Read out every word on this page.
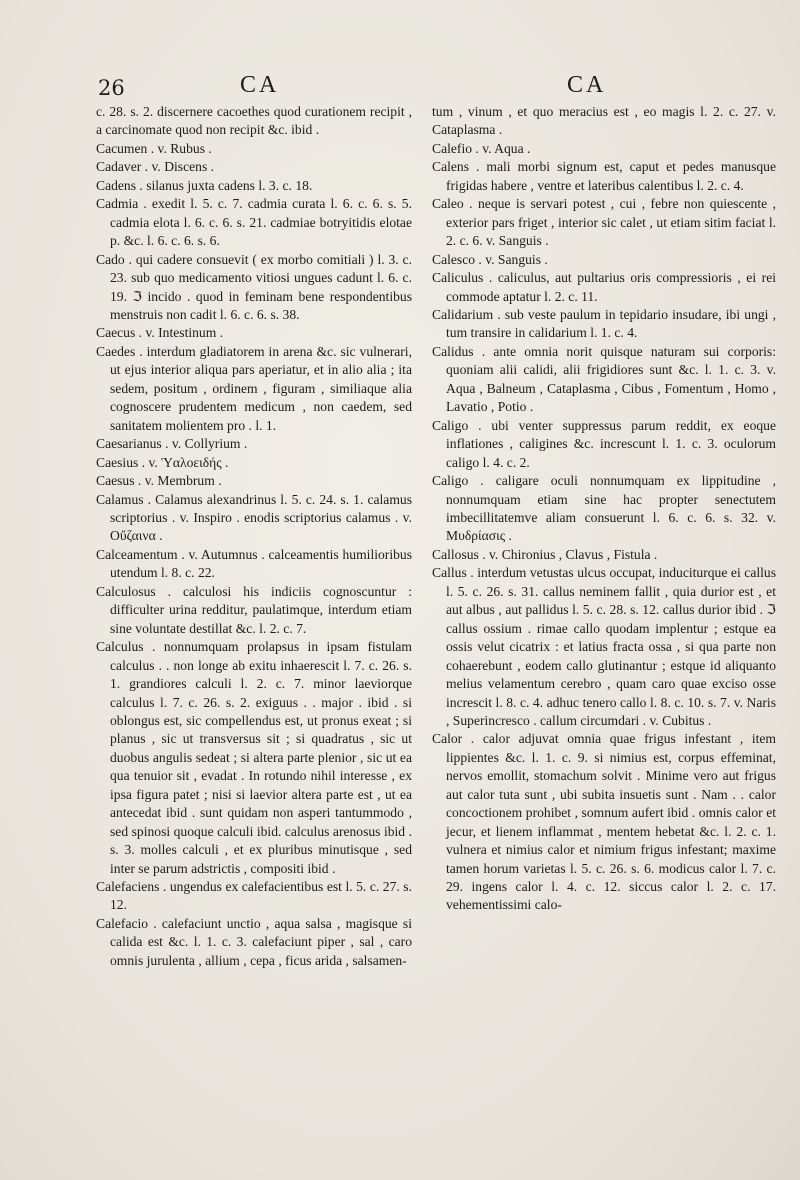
26	CA	CA

c. 28. s. 2. discernere cacoethes quod curationem recipit , a carcinomate quod non recipit &c. ibid .

Cacumen . v. Rubus .

Cadaver . v. Discens .

Cadens . silanus juxta cadens l. 3. c. 18.

Cadmia . exedit l. 5. c. 7. cadmia curata l. 6. c. 6. s. 5. cadmia elota l. 6. c. 6. s. 21. cadmiae botryitidis elotae p. &c. l. 6. c. 6. s. 6.

Cado . qui cadere consuevit ( ex morbo comitiali ) l. 3. c. 23. sub quo medicamento vitiosi ungues cadunt l. 6. c. 19. ℑ incido . quod in feminam bene respondentibus menstruis non cadit l. 6. c. 6. s. 38.

Caecus . v. Intestinum .

Caedes . interdum gladiatorem in arena &c. sic vulnerari, ut ejus interior aliqua pars aperiatur, et in alio alia ; ita sedem, positum , ordinem , figuram , similiaque alia cognoscere prudentem medicum , non caedem, sed sanitatem molientem pro . l. 1.

Caesarianus . v. Collyrium .

Caesius . v. Ὑαλοειδής .

Caesus . v. Membrum .

Calamus . Calamus alexandrinus l. 5. c. 24. s. 1. calamus scriptorius . v. Inspiro . enodis scriptorius calamus . v. Οὔζαινα .

Calceamentum . v. Autumnus . calceamentis humilioribus utendum l. 8. c. 22.

Calculosus . calculosi his indiciis cognoscuntur : difficulter urina redditur, paulatimque, interdum etiam sine voluntate destillat &c. l. 2. c. 7.

Calculus . nonnumquam prolapsus in ipsam fistulam calculus . . non longe ab exitu inhaerescit l. 7. c. 26. s. 1. grandiores calculi l. 2. c. 7. minor laeviorque calculus l. 7. c. 26. s. 2. exiguus . . major . ibid . si oblongus est, sic compellendus est, ut pronus exeat ; si planus , sic ut transversus sit ; si quadratus , sic ut duobus angulis sedeat ; si altera parte plenior , sic ut ea qua tenuior sit , evadat . In rotundo nihil interesse , ex ipsa figura patet ; nisi si laevior altera parte est , ut ea antecedat ibid . sunt quidam non asperi tantummodo , sed spinosi quoque calculi ibid. calculus arenosus ibid . s. 3. molles calculi , et ex pluribus minutisque , sed inter se parum adstrictis , compositi ibid .

Calefaciens . ungendus ex calefacientibus est l. 5. c. 27. s. 12.

Calefacio . calefaciunt unctio , aqua salsa , magisque si calida est &c. l. 1. c. 3. calefaciunt piper , sal , caro omnis jurulenta , allium , cepa , ficus arida , salsamen-

tum , vinum , et quo meracius est , eo magis l. 2. c. 27. v. Cataplasma .

Calefio . v. Aqua .

Calens . mali morbi signum est, caput et pedes manusque frigidas habere , ventre et lateribus calentibus l. 2. c. 4.

Caleo . neque is servari potest , cui , febre non quiescente , exterior pars friget , interior sic calet , ut etiam sitim faciat l. 2. c. 6. v. Sanguis .

Calesco . v. Sanguis .

Caliculus . caliculus, aut pultarius oris compressioris , ei rei commode aptatur l. 2. c. 11.

Calidarium . sub veste paulum in tepidario insudare, ibi ungi , tum transire in calidarium l. 1. c. 4.

Calidus . ante omnia norit quisque naturam sui corporis: quoniam alii calidi, alii frigidiores sunt &c. l. 1. c. 3. v. Aqua , Balneum , Cataplasma , Cibus , Fomentum , Homo , Lavatio , Potio .

Caligo . ubi venter suppressus parum reddit, ex eoque inflationes , caligines &c. increscunt l. 1. c. 3. oculorum caligo l. 4. c. 2.

Caligo . caligare oculi nonnumquam ex lippitudine , nonnumquam etiam sine hac propter senectutem imbecillitatemve aliam consuerunt l. 6. c. 6. s. 32. v. Μυδρίασις .

Callosus . v. Chironius , Clavus , Fistula .

Callus . interdum vetustas ulcus occupat, induciturque ei callus l. 5. c. 26. s. 31. callus neminem fallit , quia durior est , et aut albus , aut pallidus l. 5. c. 28. s. 12. callus durior ibid . ℑ callus ossium . rimae callo quodam implentur ; estque ea ossis velut cicatrix : et latius fracta ossa , si qua parte non cohaerebunt , eodem callo glutinantur ; estque id aliquanto melius velamentum cerebro , quam caro quae exciso osse increscit l. 8. c. 4. adhuc tenero callo l. 8. c. 10. s. 7. v. Naris , Superincresco . callum circumdari . v. Cubitus .

Calor . calor adjuvat omnia quae frigus infestant , item lippientes &c. l. 1. c. 9. si nimius est, corpus effeminat, nervos emollit, stomachum solvit . Minime vero aut frigus aut calor tuta sunt , ubi subita insuetis sunt . Nam . . calor concoctionem prohibet , somnum aufert ibid . omnis calor et jecur, et lienem inflammat , mentem hebetat &c. l. 2. c. 1. vulnera et nimius calor et nimium frigus infestant; maxime tamen horum varietas l. 5. c. 26. s. 6. modicus calor l. 7. c. 29. ingens calor l. 4. c. 12. siccus calor l. 2. c. 17. vehementissimi calo-
